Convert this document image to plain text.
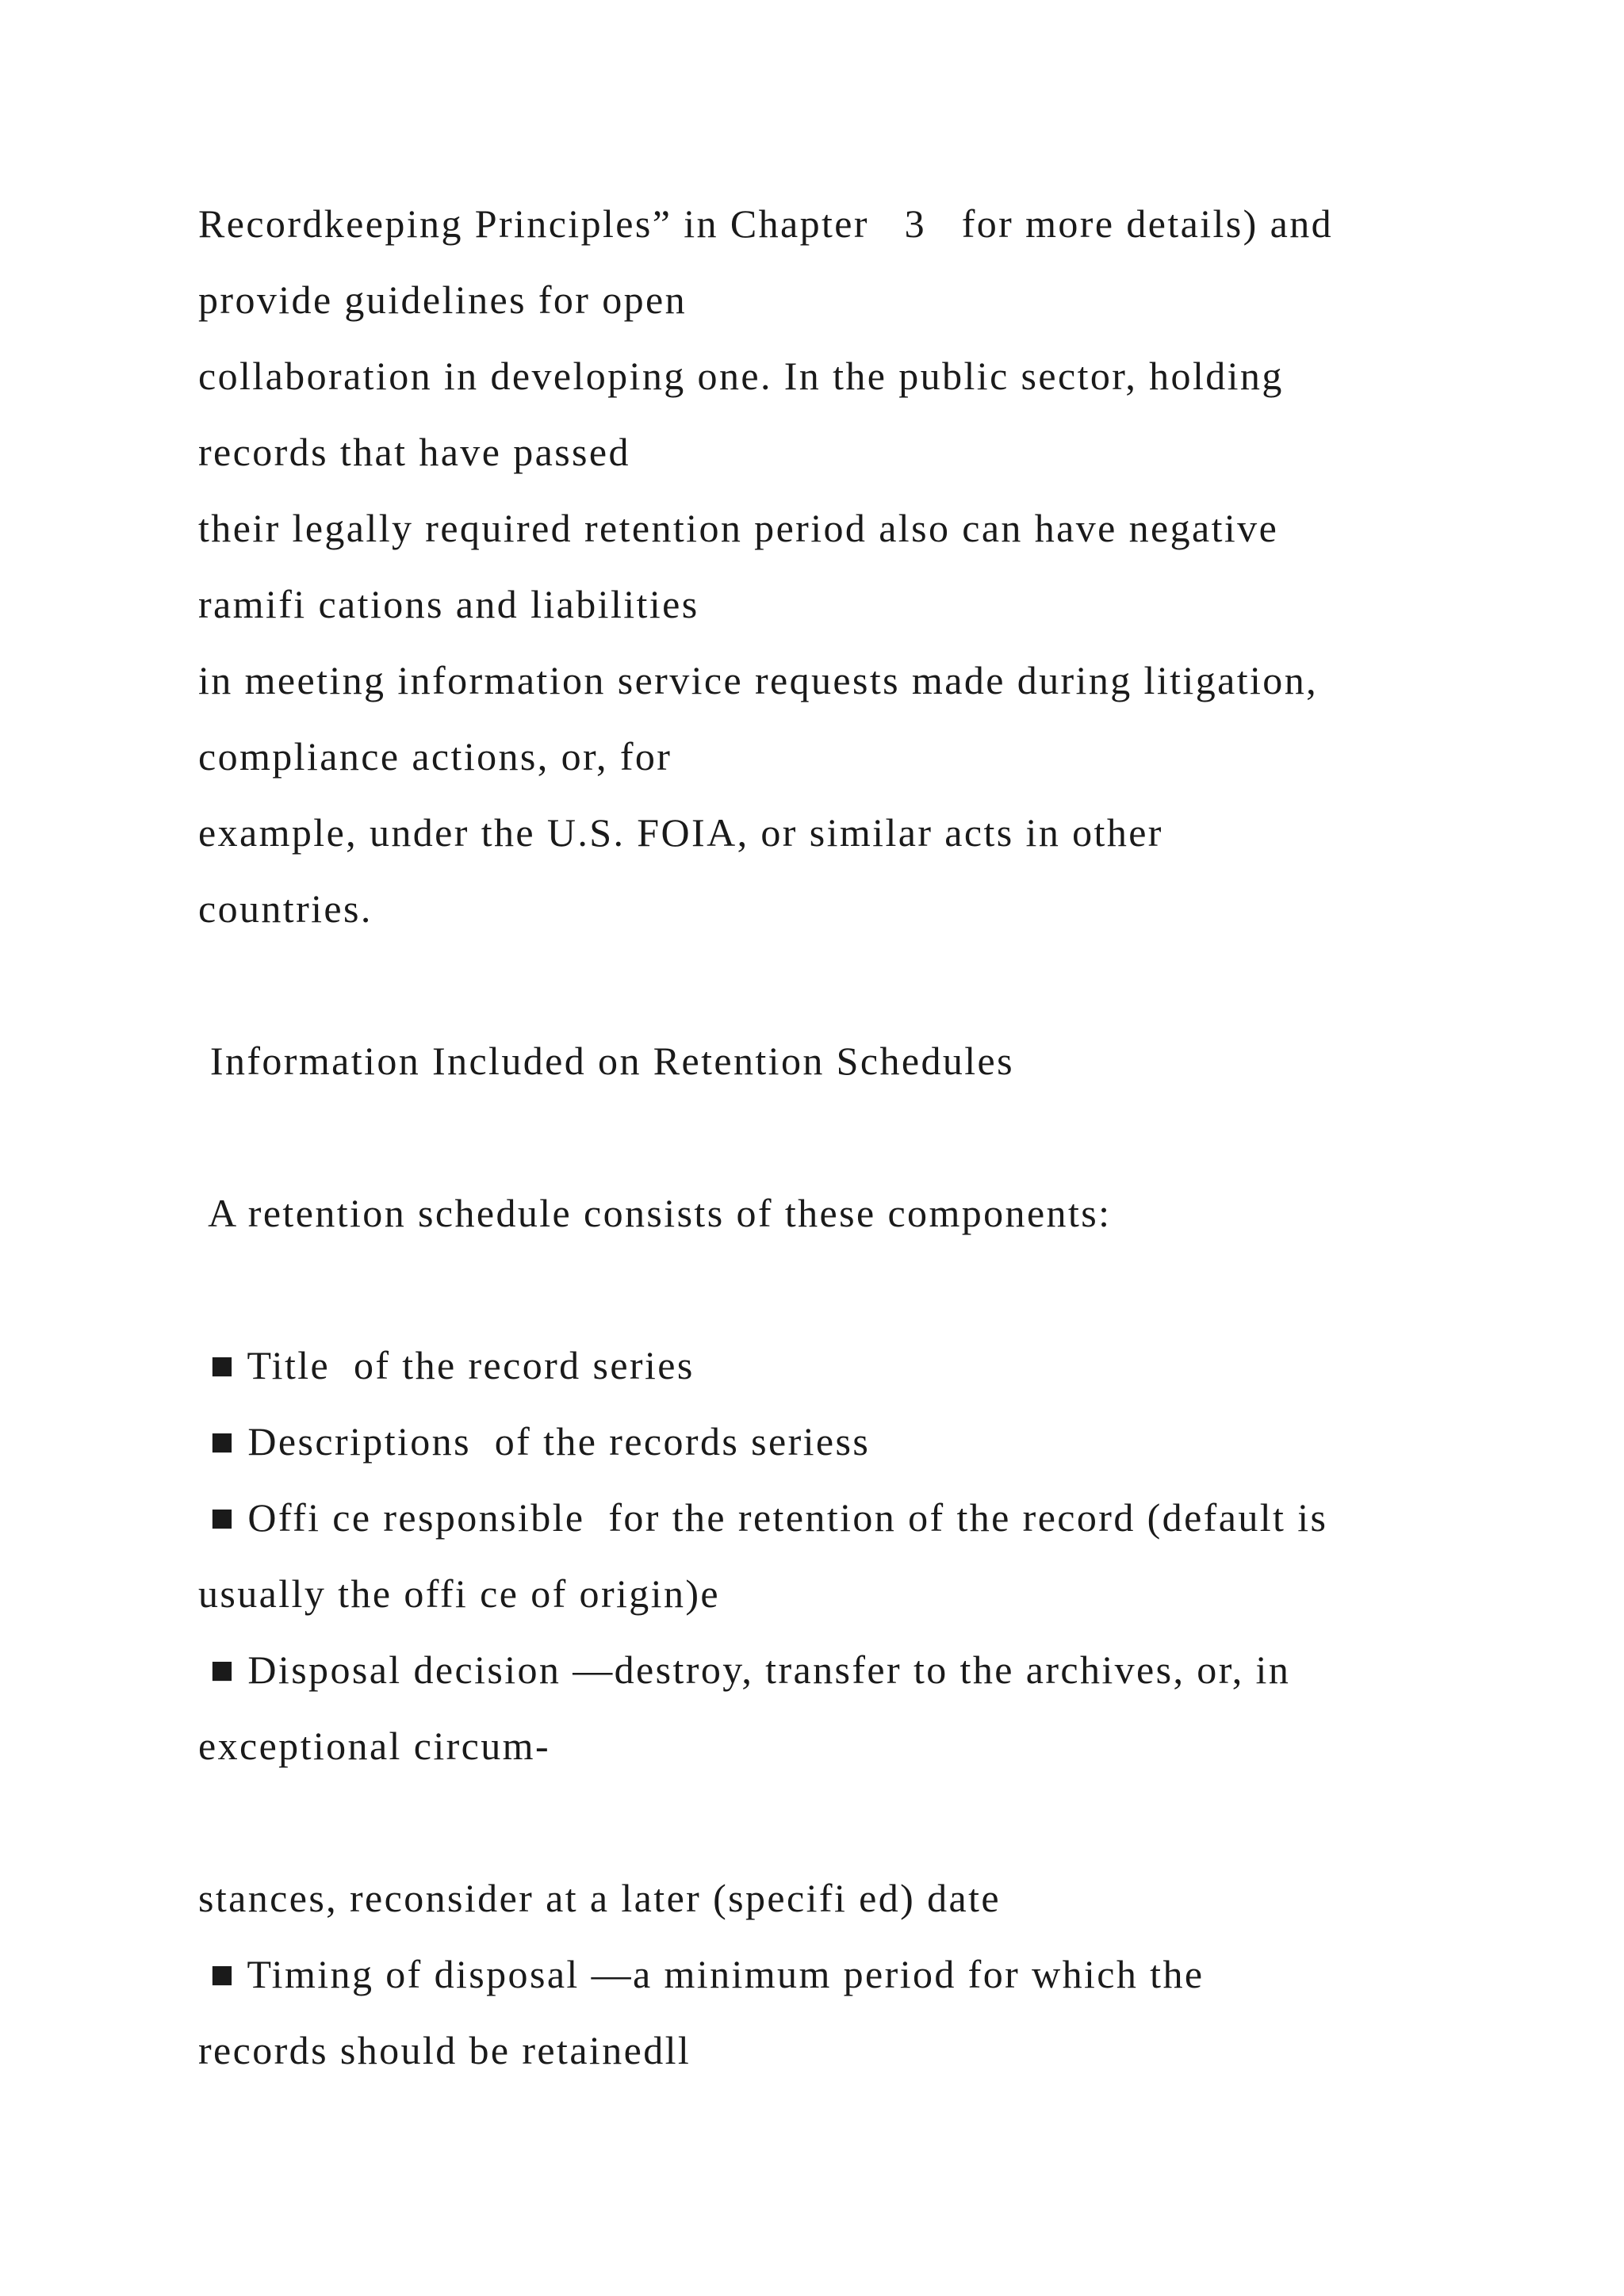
Recordkeeping Principles” in Chapter   3   for more details) and
provide guidelines for open
collaboration in developing one. In the public sector, holding
records that have passed
their legally required retention period also can have negative
ramifi cations and liabilities
in meeting information service requests made during litigation,
compliance actions, or, for
example, under the U.S. FOIA, or similar acts in other
countries.
Information Included on Retention Schedules
A retention schedule consists of these components:
■ Title  of the record series
■ Descriptions  of the records seriess
■ Offi ce responsible  for the retention of the record (default is
usually the offi ce of origin)e
■ Disposal decision —destroy, transfer to the archives, or, in
exceptional circum-
stances, reconsider at a later (specifi ed) date
■ Timing of disposal —a minimum period for which the
records should be retainedll
